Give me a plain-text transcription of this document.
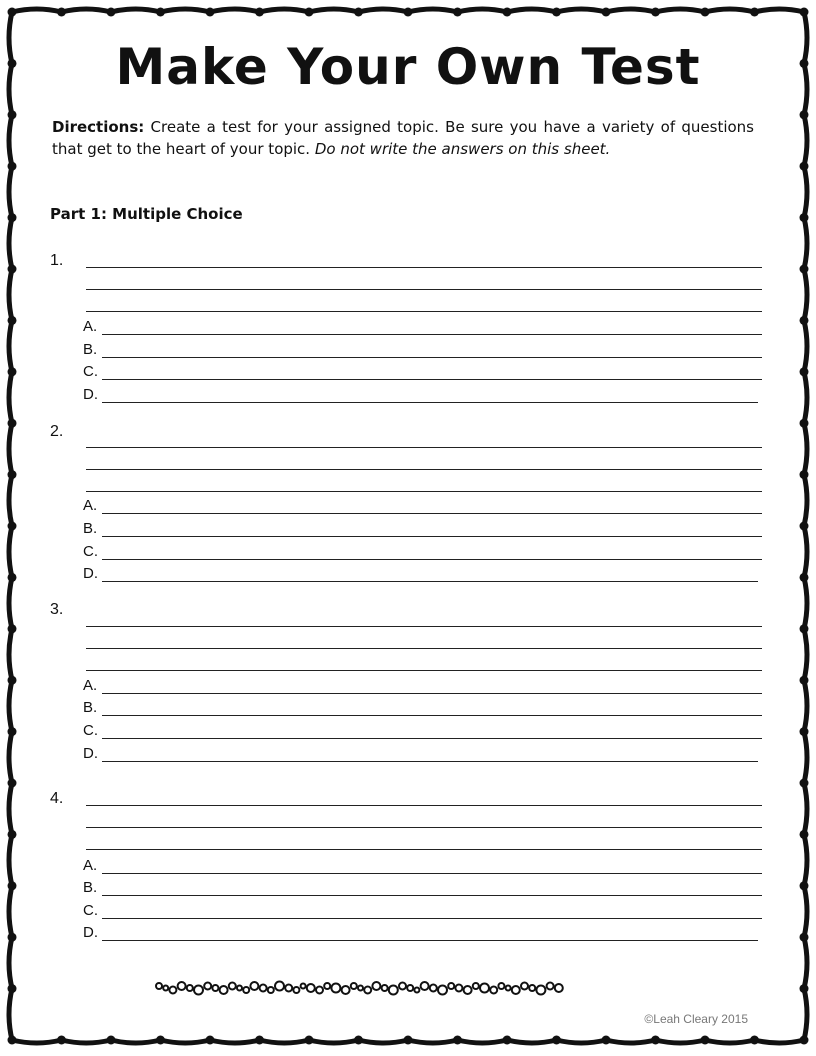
Make Your Own Test
Directions: Create a test for your assigned topic. Be sure you have a variety of questions that get to the heart of your topic. Do not write the answers on this sheet.
Part 1: Multiple Choice
1.
A.
B.
C.
D.
2.
A.
B.
C.
D.
3.
A.
B.
C.
D.
4.
A.
B.
C.
D.
©Leah Cleary 2015
